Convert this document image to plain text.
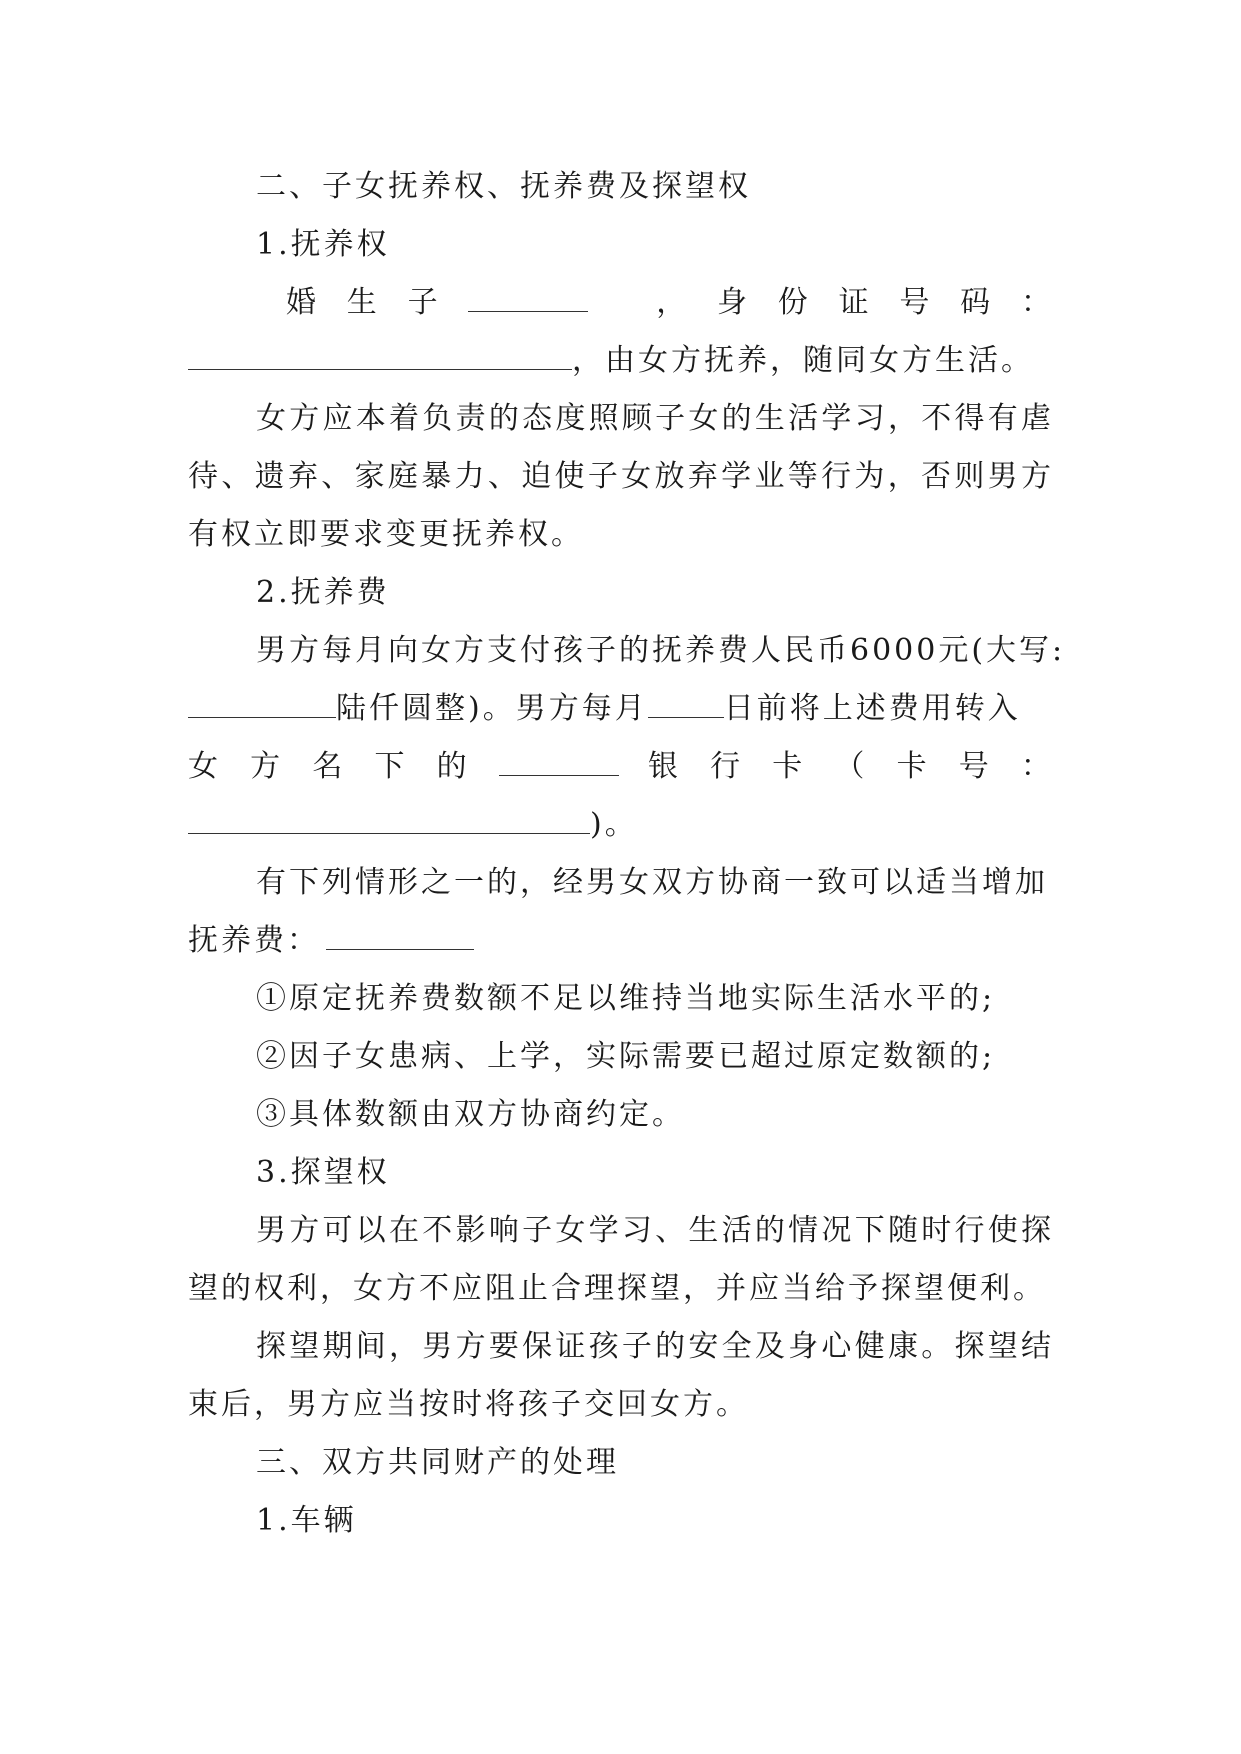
二、子女抚养权、抚养费及探望权

1.抚养权

婚 生 子	， 身 份 证 号 码 ：
，由女方抚养，随同女方生活。

女方应本着负责的态度照顾子女的生活学习，不得有虐待、遗弃、家庭暴力、迫使子女放弃学业等行为，否则男方有权立即要求变更抚养权。

2.抚养费

男方每月向女方支付孩子的抚养费人民币6000元(大写:

陆仟圆整)。男方每月	日前将上述费用转入
女 方 名 下 的	银 行 卡 （ 卡 号 ：
)。

有下列情形之一的，经男女双方协商一致可以适当增加

抚养费：

①原定抚养费数额不足以维持当地实际生活水平的;

②因子女患病、上学，实际需要已超过原定数额的;

③具体数额由双方协商约定。

3.探望权

男方可以在不影响子女学习、生活的情况下随时行使探望的权利，女方不应阻止合理探望，并应当给予探望便利。

探望期间，男方要保证孩子的安全及身心健康。探望结束后，男方应当按时将孩子交回女方。

三、双方共同财产的处理

1.车辆
